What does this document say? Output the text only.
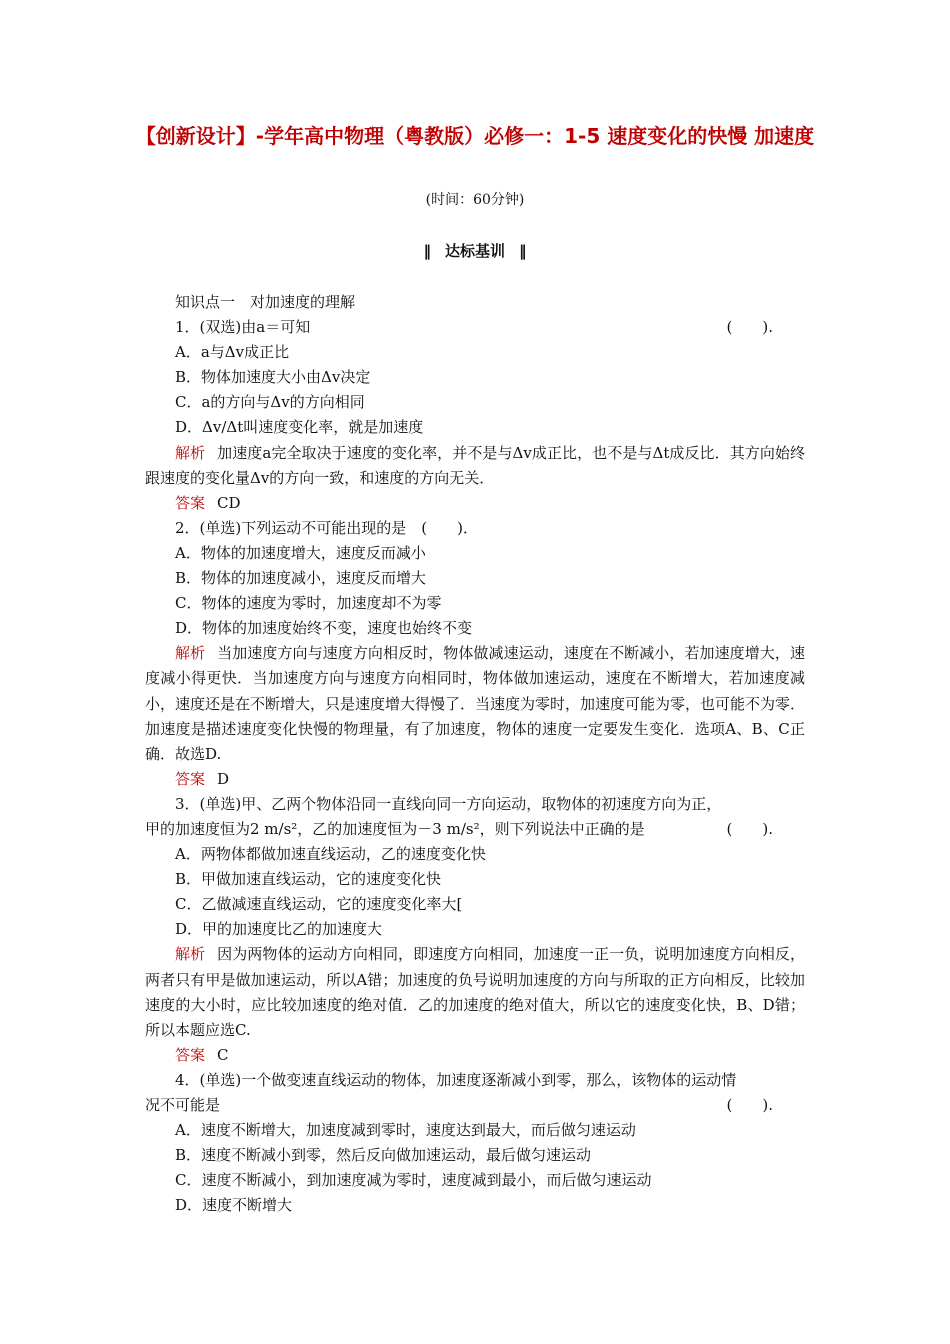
【创新设计】-学年高中物理（粤教版）必修一：1-5 速度变化的快慢 加速度
(时间：60分钟)
‖ 达标基训 ‖
知识点一　对加速度的理解
1．(双选)由a＝可知	(　　).
A．a与Δv成正比
B．物体加速度大小由Δv决定
C．a的方向与Δv的方向相同
D．Δv/Δt叫速度变化率，就是加速度
解析 加速度a完全取决于速度的变化率，并不是与Δv成正比，也不是与Δt成反比．其方向始终跟速度的变化量Δv的方向一致，和速度的方向无关．
答案 CD
2．(单选)下列运动不可能出现的是　(　　)．
A．物体的加速度增大，速度反而减小
B．物体的加速度减小，速度反而增大
C．物体的速度为零时，加速度却不为零
D．物体的加速度始终不变，速度也始终不变
解析 当加速度方向与速度方向相反时，物体做减速运动，速度在不断减小，若加速度增大，速度减小得更快．当加速度方向与速度方向相同时，物体做加速运动，速度在不断增大，若加速度减小，速度还是在不断增大，只是速度增大得慢了．当速度为零时，加速度可能为零，也可能不为零．加速度是描述速度变化快慢的物理量，有了加速度，物体的速度一定要发生变化．选项A、B、C正确．故选D.
答案 D
3．(单选)甲、乙两个物体沿同一直线向同一方向运动，取物体的初速度方向为正，
甲的加速度恒为2 m/s²，乙的加速度恒为－3 m/s²，则下列说法中正确的是	(　　).
A．两物体都做加速直线运动，乙的速度变化快
B．甲做加速直线运动，它的速度变化快
C．乙做减速直线运动，它的速度变化率大[
D．甲的加速度比乙的加速度大
解析 因为两物体的运动方向相同，即速度方向相同，加速度一正一负，说明加速度方向相反，两者只有甲是做加速运动，所以A错；加速度的负号说明加速度的方向与所取的正方向相反，比较加速度的大小时，应比较加速度的绝对值．乙的加速度的绝对值大，所以它的速度变化快，B、D错；所以本题应选C.
答案 C
4．(单选)一个做变速直线运动的物体，加速度逐渐减小到零，那么，该物体的运动情
况不可能是	(　　).
A．速度不断增大，加速度减到零时，速度达到最大，而后做匀速运动
B．速度不断减小到零，然后反向做加速运动，最后做匀速运动
C．速度不断减小，到加速度减为零时，速度减到最小，而后做匀速运动
D．速度不断增大
